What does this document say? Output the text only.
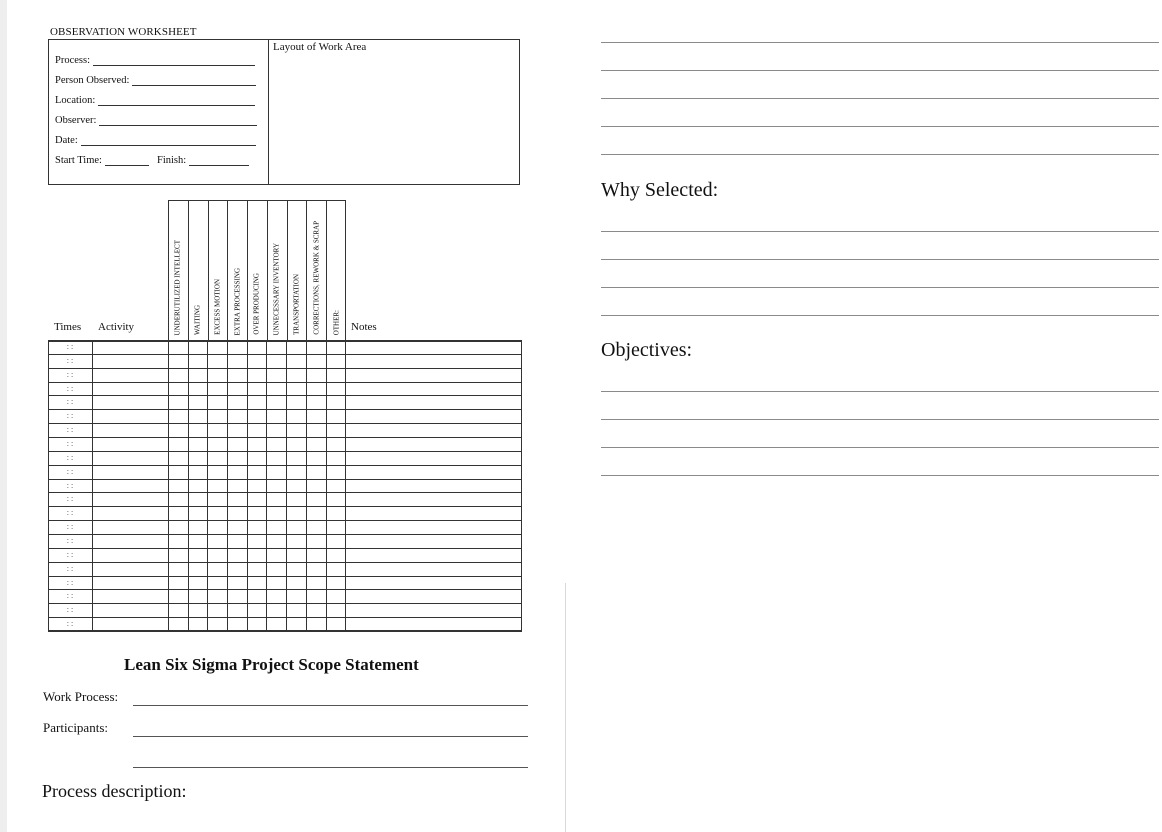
OBSERVATION WORKSHEET
Layout of Work Area
Process:
Person Observed:
Location:
Observer:
Date:
Start Time:	Finish:
Times Activity	Notes
UNDERUTILIZED INTELLECT WAITING EXCESS MOTION EXTRA PROCESSING OVER PRODUCING UNNECESSARY INVENTORY TRANSPORTATION CORRECTIONS, REWORK & SCRAP OTHER:
: :
: :
: :
: :
: :
: :
: :
: :
: :
: :
: :
: :
: :
: :
: :
: :
: :
: :
: :
: :
: :
Lean Six Sigma Project Scope Statement
Work Process:
Participants:
Process description:
Why Selected:
Objectives:
